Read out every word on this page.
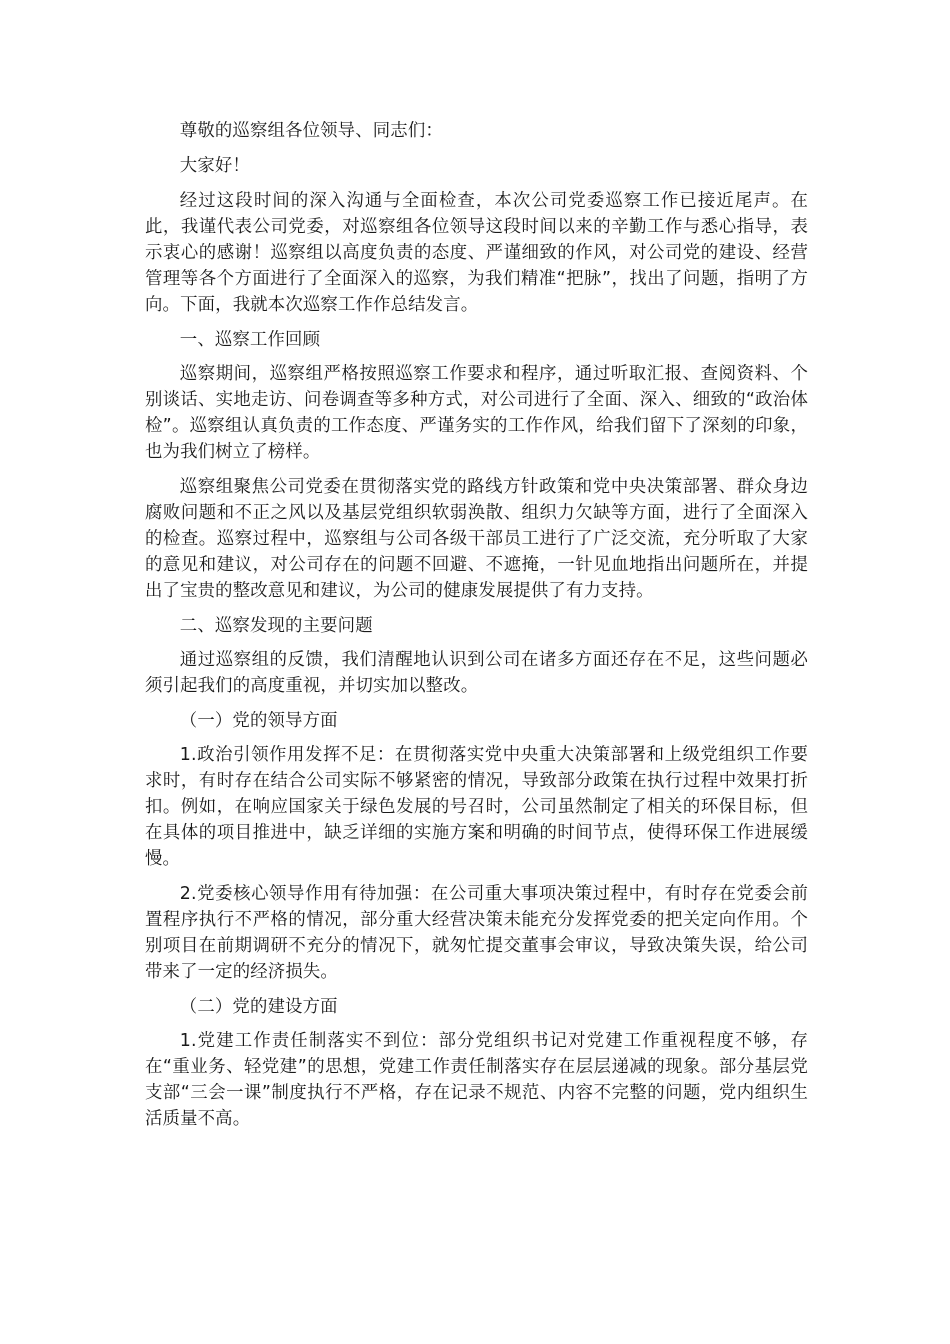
尊敬的巡察组各位领导、同志们：

大家好！

经过这段时间的深入沟通与全面检查，本次公司党委巡察工作已接近尾声。在此，我谨代表公司党委，对巡察组各位领导这段时间以来的辛勤工作与悉心指导，表示衷心的感谢！巡察组以高度负责的态度、严谨细致的作风，对公司党的建设、经营管理等各个方面进行了全面深入的巡察，为我们精准“把脉”，找出了问题，指明了方向。下面，我就本次巡察工作作总结发言。

一、巡察工作回顾

巡察期间，巡察组严格按照巡察工作要求和程序，通过听取汇报、查阅资料、个别谈话、实地走访、问卷调查等多种方式，对公司进行了全面、深入、细致的“政治体检”。巡察组认真负责的工作态度、严谨务实的工作作风，给我们留下了深刻的印象，也为我们树立了榜样。

巡察组聚焦公司党委在贯彻落实党的路线方针政策和党中央决策部署、群众身边腐败问题和不正之风以及基层党组织软弱涣散、组织力欠缺等方面，进行了全面深入的检查。巡察过程中，巡察组与公司各级干部员工进行了广泛交流，充分听取了大家的意见和建议，对公司存在的问题不回避、不遮掩，一针见血地指出问题所在，并提出了宝贵的整改意见和建议，为公司的健康发展提供了有力支持。

二、巡察发现的主要问题

通过巡察组的反馈，我们清醒地认识到公司在诸多方面还存在不足，这些问题必须引起我们的高度重视，并切实加以整改。

（一）党的领导方面

1.政治引领作用发挥不足：在贯彻落实党中央重大决策部署和上级党组织工作要求时，有时存在结合公司实际不够紧密的情况，导致部分政策在执行过程中效果打折扣。例如，在响应国家关于绿色发展的号召时，公司虽然制定了相关的环保目标，但在具体的项目推进中，缺乏详细的实施方案和明确的时间节点，使得环保工作进展缓慢。

2.党委核心领导作用有待加强：在公司重大事项决策过程中，有时存在党委会前置程序执行不严格的情况，部分重大经营决策未能充分发挥党委的把关定向作用。个别项目在前期调研不充分的情况下，就匆忙提交董事会审议，导致决策失误，给公司带来了一定的经济损失。

（二）党的建设方面

1.党建工作责任制落实不到位：部分党组织书记对党建工作重视程度不够，存在“重业务、轻党建”的思想，党建工作责任制落实存在层层递减的现象。部分基层党支部“三会一课”制度执行不严格，存在记录不规范、内容不完整的问题，党内组织生活质量不高。
